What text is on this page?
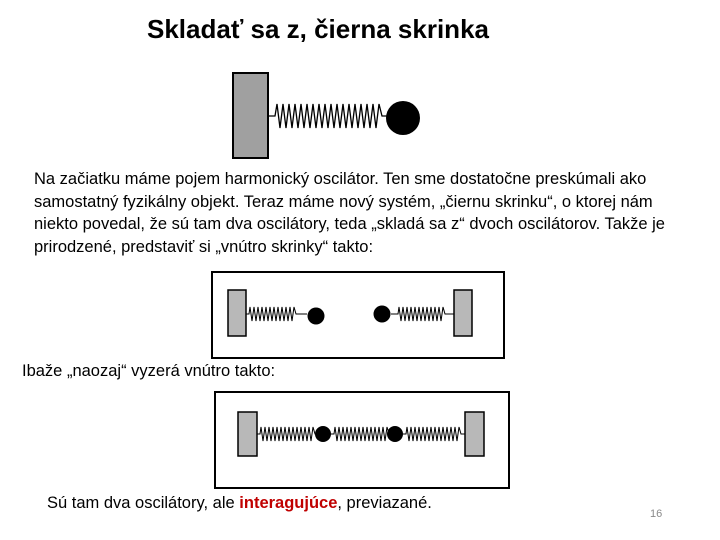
Skladať sa z, čierna skrinka
Na začiatku máme pojem harmonický oscilátor. Ten sme dostatočne preskúmali ako samostatný fyzikálny objekt. Teraz máme nový systém, „čiernu skrinku“, o ktorej nám niekto povedal, že sú tam dva oscilátory, teda „skladá sa z“ dvoch oscilátorov. Takže je prirodzené, predstaviť si „vnútro skrinky“ takto:
Ibaže „naozaj“ vyzerá vnútro takto:
Sú tam dva oscilátory, ale interagujúce, previazané.
16
